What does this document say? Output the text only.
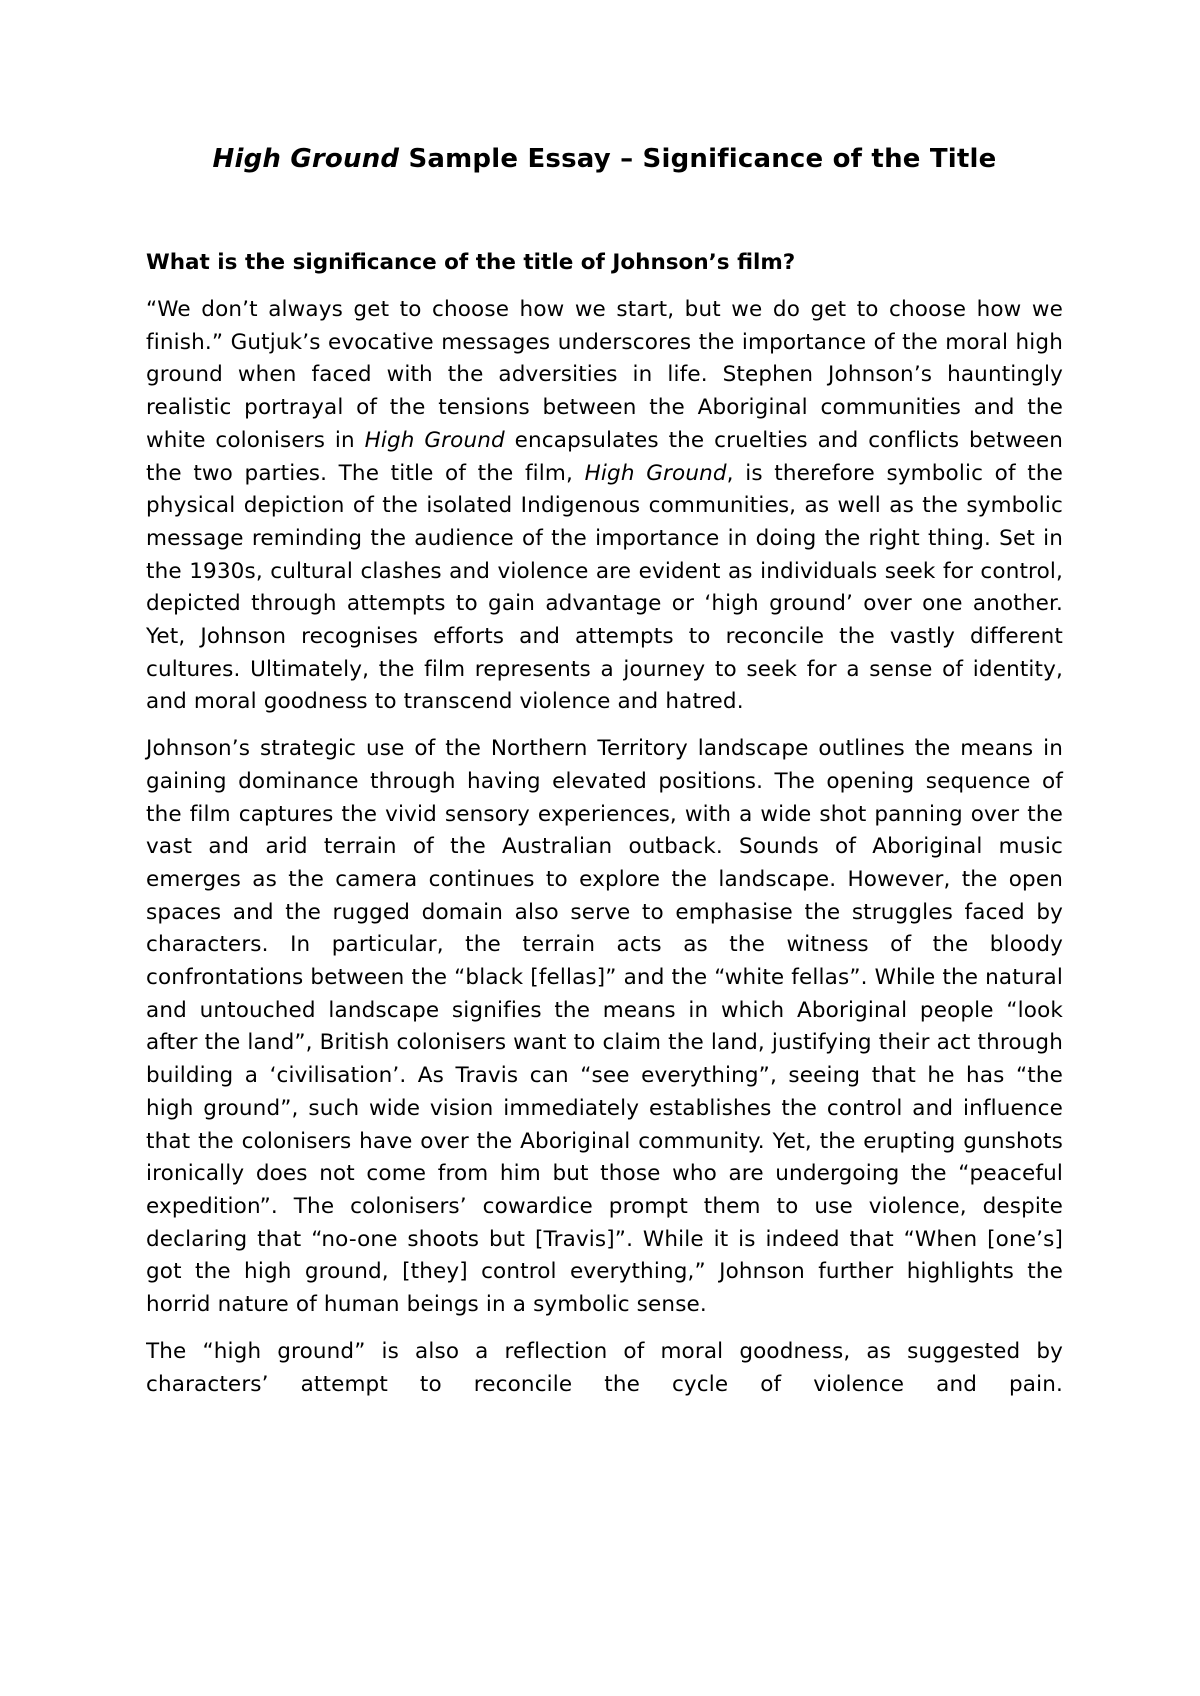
High Ground Sample Essay – Significance of the Title

What is the significance of the title of Johnson’s film?

“We don’t always get to choose how we start, but we do get to choose how we finish.” Gutjuk’s evocative messages underscores the importance of the moral high ground when faced with the adversities in life. Stephen Johnson’s hauntingly realistic portrayal of the tensions between the Aboriginal communities and the white colonisers in High Ground encapsulates the cruelties and conflicts between the two parties. The title of the film, High Ground, is therefore symbolic of the physical depiction of the isolated Indigenous communities, as well as the symbolic message reminding the audience of the importance in doing the right thing. Set in the 1930s, cultural clashes and violence are evident as individuals seek for control, depicted through attempts to gain advantage or ‘high ground’ over one another. Yet, Johnson recognises efforts and attempts to reconcile the vastly different cultures. Ultimately, the film represents a journey to seek for a sense of identity, and moral goodness to transcend violence and hatred.

Johnson’s strategic use of the Northern Territory landscape outlines the means in gaining dominance through having elevated positions. The opening sequence of the film captures the vivid sensory experiences, with a wide shot panning over the vast and arid terrain of the Australian outback. Sounds of Aboriginal music emerges as the camera continues to explore the landscape. However, the open spaces and the rugged domain also serve to emphasise the struggles faced by characters. In particular, the terrain acts as the witness of the bloody confrontations between the “black [fellas]” and the “white fellas”. While the natural and untouched landscape signifies the means in which Aboriginal people “look after the land”, British colonisers want to claim the land, justifying their act through building a ‘civilisation’. As Travis can “see everything”, seeing that he has “the high ground”, such wide vision immediately establishes the control and influence that the colonisers have over the Aboriginal community. Yet, the erupting gunshots ironically does not come from him but those who are undergoing the “peaceful expedition”. The colonisers’ cowardice prompt them to use violence, despite declaring that “no-one shoots but [Travis]”. While it is indeed that “When [one’s] got the high ground, [they] control everything,” Johnson further highlights the horrid nature of human beings in a symbolic sense.

The “high ground” is also a reflection of moral goodness, as suggested by characters’ attempt to reconcile the cycle of violence and pain.
